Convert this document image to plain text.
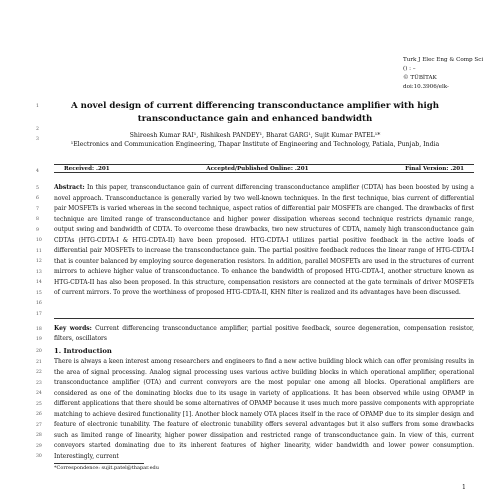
Turk J Elec Eng & Comp Sci
() : –
© TÜBİTAK
doi:10.3906/elk-
A novel design of current differencing transconductance amplifier with high
transconductance gain and enhanced bandwidth
Shireesh Kumar RAI¹, Rishikesh PANDEY¹, Bharat GARG¹, Sujit Kumar PATEL¹*
¹Electronics and Communication Engineering, Thapar Institute of Engineering and Technology, Patiala, Punjab, India
Received: .201	Accepted/Published Online: .201	Final Version: .201
Abstract: In this paper, transconductance gain of current differencing transconductance amplifier (CDTA) has been boosted by using a novel approach. Transconductance is generally varied by two well-known techniques. In the first technique, bias current of differential pair MOSFETs is varied whereas in the second technique, aspect ratios of differential pair MOSFETs are changed. The drawbacks of first technique are limited range of transconductance and higher power dissipation whereas second technique restricts dynamic range, output swing and bandwidth of CDTA. To overcome these drawbacks, two new structures of CDTA, namely high transconductance gain CDTAs (HTG-CDTA-I & HTG-CDTA-II) have been proposed. HTG-CDTA-I utilizes partial positive feedback in the active loads of differential pair MOSFETs to increase the transconductance gain. The partial positive feedback reduces the linear range of HTG-CDTA-I that is counter balanced by employing source degeneration resistors. In addition, parallel MOSFETs are used in the structures of current mirrors to achieve higher value of transconductance. To enhance the bandwidth of proposed HTG-CDTA-I, another structure known as HTG-CDTA-II has also been proposed. In this structure, compensation resistors are connected at the gate terminals of driver MOSFETs of current mirrors. To prove the worthiness of proposed HTG-CDTA-II, KHN filter is realized and its advantages have been discussed.
Key words: Current differencing transconductance amplifier, partial positive feedback, source degeneration, compensation resistor, filters, oscillators
1. Introduction
There is always a keen interest among researchers and engineers to find a new active building block which can offer promising results in the area of signal processing. Analog signal processing uses various active building blocks in which operational amplifier, operational transconductance amplifier (OTA) and current conveyors are the most popular one among all blocks. Operational amplifiers are considered as one of the dominating blocks due to its usage in variety of applications. It has been observed while using OPAMP in different applications that there should be some alternatives of OPAMP because it uses much more passive components with appropriate matching to achieve desired functionality [1]. Another block namely OTA places itself in the race of OPAMP due to its simpler design and feature of electronic tunability. The feature of electronic tunability offers several advantages but it also suffers from some drawbacks such as limited range of linearity, higher power dissipation and restricted range of transconductance gain. In view of this, current conveyors started dominating due to its inherent features of higher linearity, wider bandwidth and lower power consumption. Interestingly, current
*Correspondence: sujit.patel@thapar.edu
1
1
2
3
4
5
6
7
8
9
10
11
12
13
14
15
16
17
18
19
20
21
22
23
24
25
26
27
28
29
30
